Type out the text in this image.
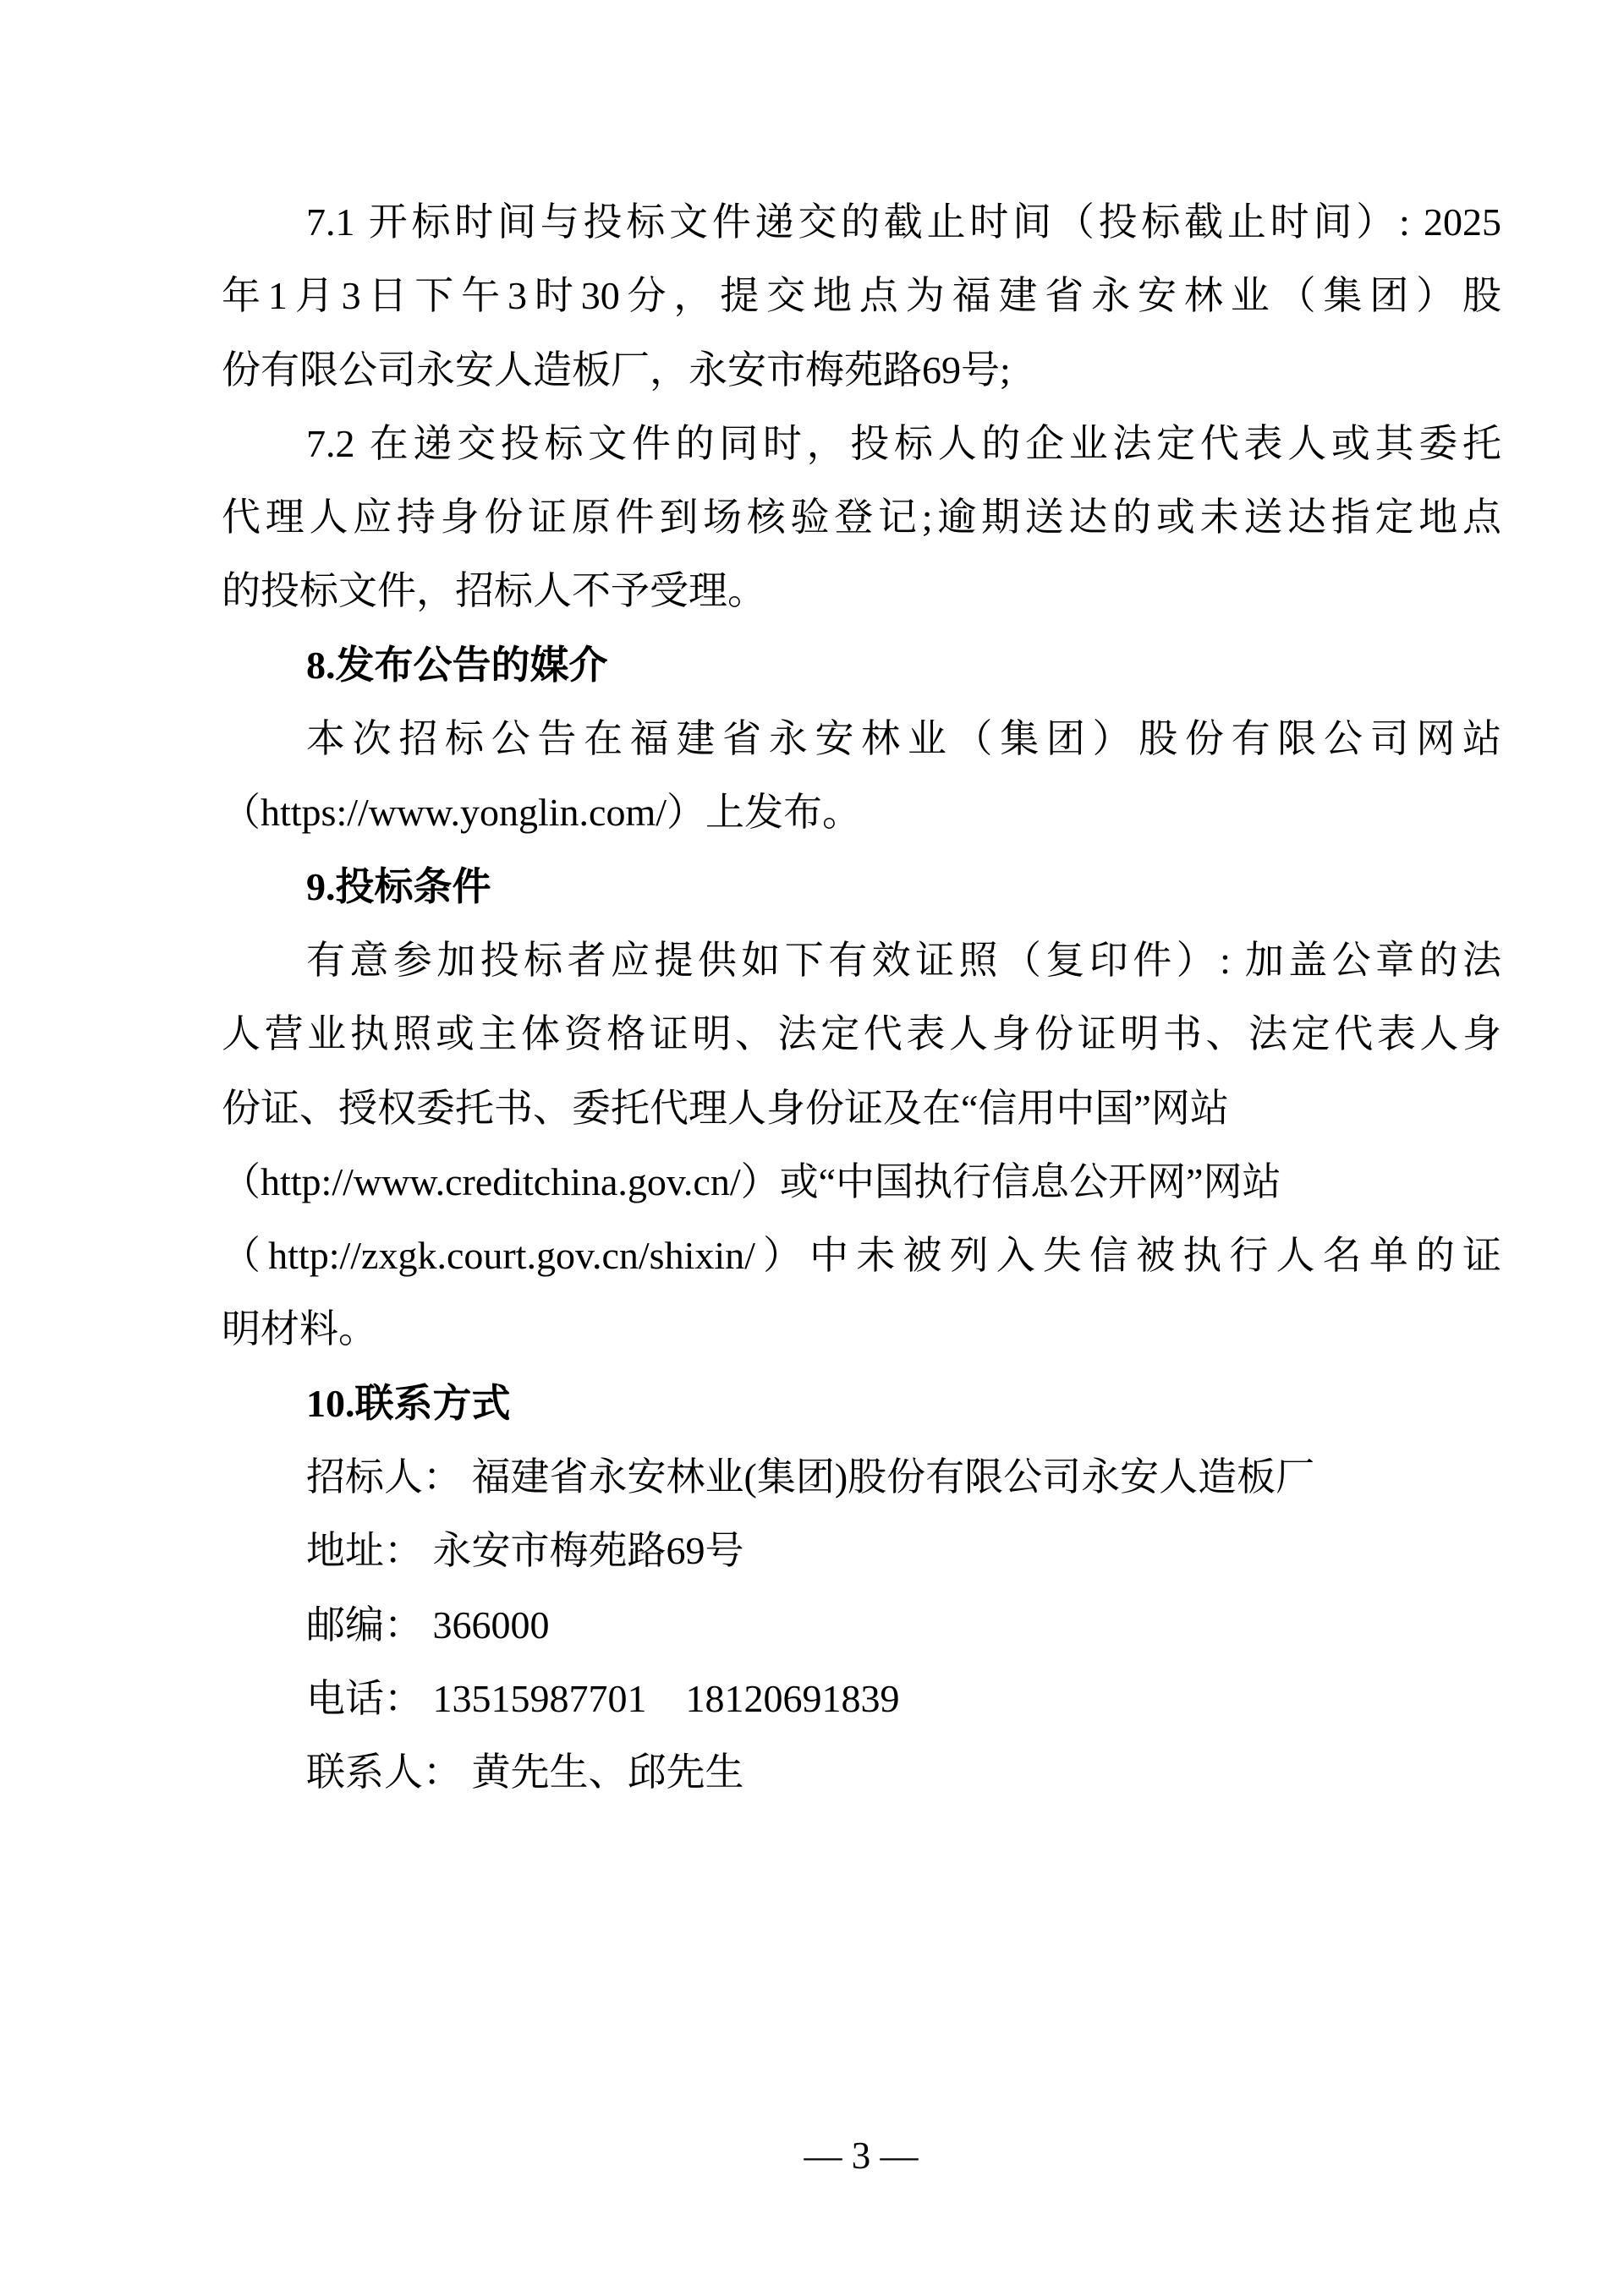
7.1 开标时间与投标文件递交的截止时间（投标截止时间）: 2025
年1月3日下午3时30分，提交地点为福建省永安林业（集团）股
份有限公司永安人造板厂，永安市梅苑路69号;
7.2 在递交投标文件的同时，投标人的企业法定代表人或其委托
代理人应持身份证原件到场核验登记;逾期送达的或未送达指定地点
的投标文件，招标人不予受理。
8.发布公告的媒介
本次招标公告在福建省永安林业（集团）股份有限公司网站
（https://www.yonglin.com/）上发布。
9.投标条件
有意参加投标者应提供如下有效证照（复印件）: 加盖公章的法
人营业执照或主体资格证明、法定代表人身份证明书、法定代表人身
份证、授权委托书、委托代理人身份证及在“信用中国”网站
（http://www.creditchina.gov.cn/）或“中国执行信息公开网”网站
（http://zxgk.court.gov.cn/shixin/）中未被列入失信被执行人名单的证
明材料。
10.联系方式
招标人： 福建省永安林业(集团)股份有限公司永安人造板厂
地址： 永安市梅苑路69号
邮编： 366000
电话： 13515987701    18120691839
联系人： 黄先生、邱先生
— 3 —
